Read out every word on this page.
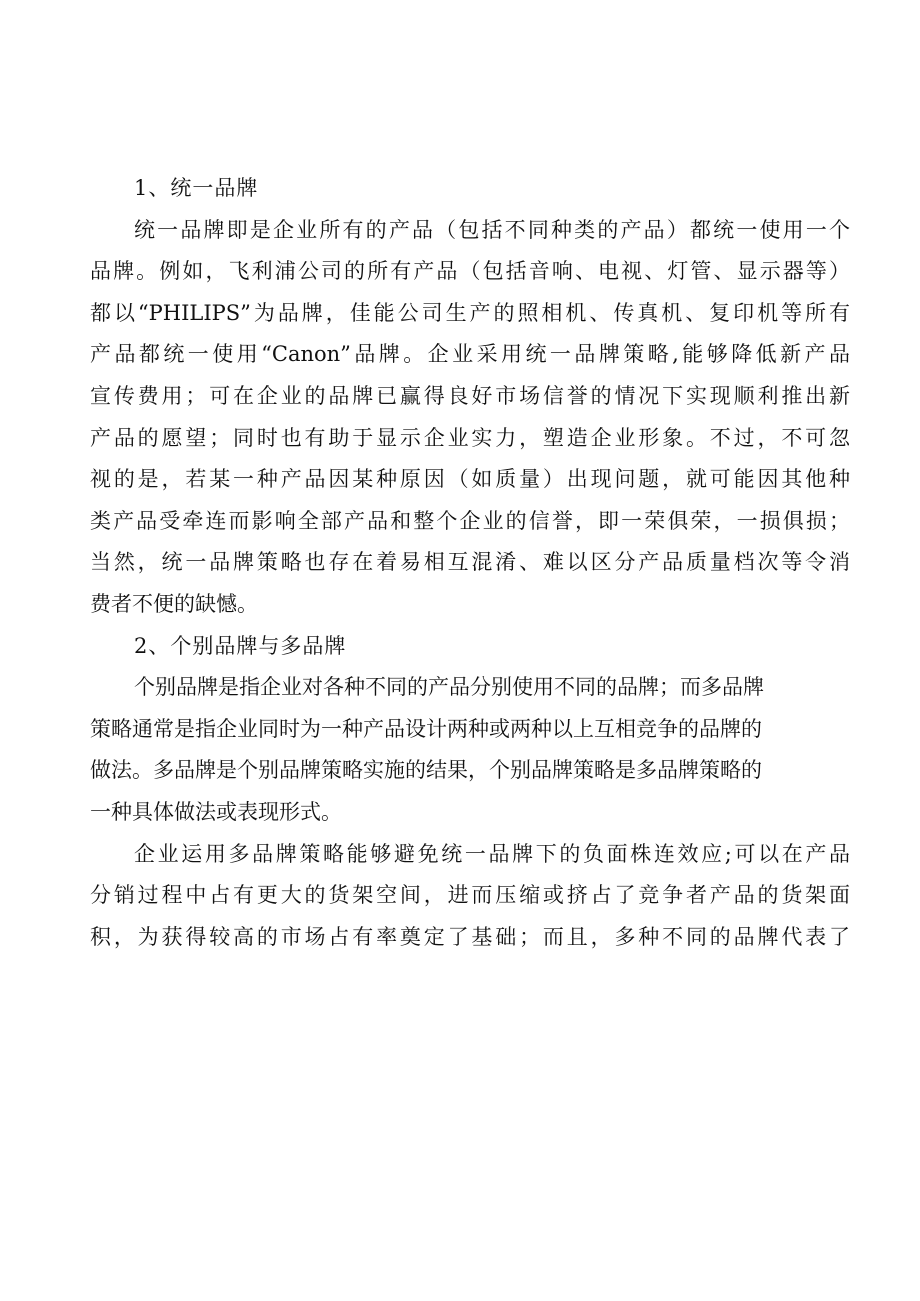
1、统一品牌
统一品牌即是企业所有的产品（包括不同种类的产品）都统一使用一个
品牌。例如，飞利浦公司的所有产品（包括音响、电视、灯管、显示器等）
都以“PHILIPS”为品牌，佳能公司生产的照相机、传真机、复印机等所有
产品都统一使用“Canon”品牌。企业采用统一品牌策略,能够降低新产品
宣传费用；可在企业的品牌已赢得良好市场信誉的情况下实现顺利推出新
产品的愿望；同时也有助于显示企业实力，塑造企业形象。不过，不可忽
视的是，若某一种产品因某种原因（如质量）出现问题，就可能因其他种
类产品受牵连而影响全部产品和整个企业的信誉，即一荣俱荣，一损俱损；
当然，统一品牌策略也存在着易相互混淆、难以区分产品质量档次等令消
费者不便的缺憾。
2、个别品牌与多品牌
个别品牌是指企业对各种不同的产品分别使用不同的品牌；而多品牌
策略通常是指企业同时为一种产品设计两种或两种以上互相竞争的品牌的
做法。多品牌是个别品牌策略实施的结果，个别品牌策略是多品牌策略的
一种具体做法或表现形式。
企业运用多品牌策略能够避免统一品牌下的负面株连效应;可以在产品
分销过程中占有更大的货架空间，进而压缩或挤占了竞争者产品的货架面
积，为获得较高的市场占有率奠定了基础；而且，多种不同的品牌代表了
